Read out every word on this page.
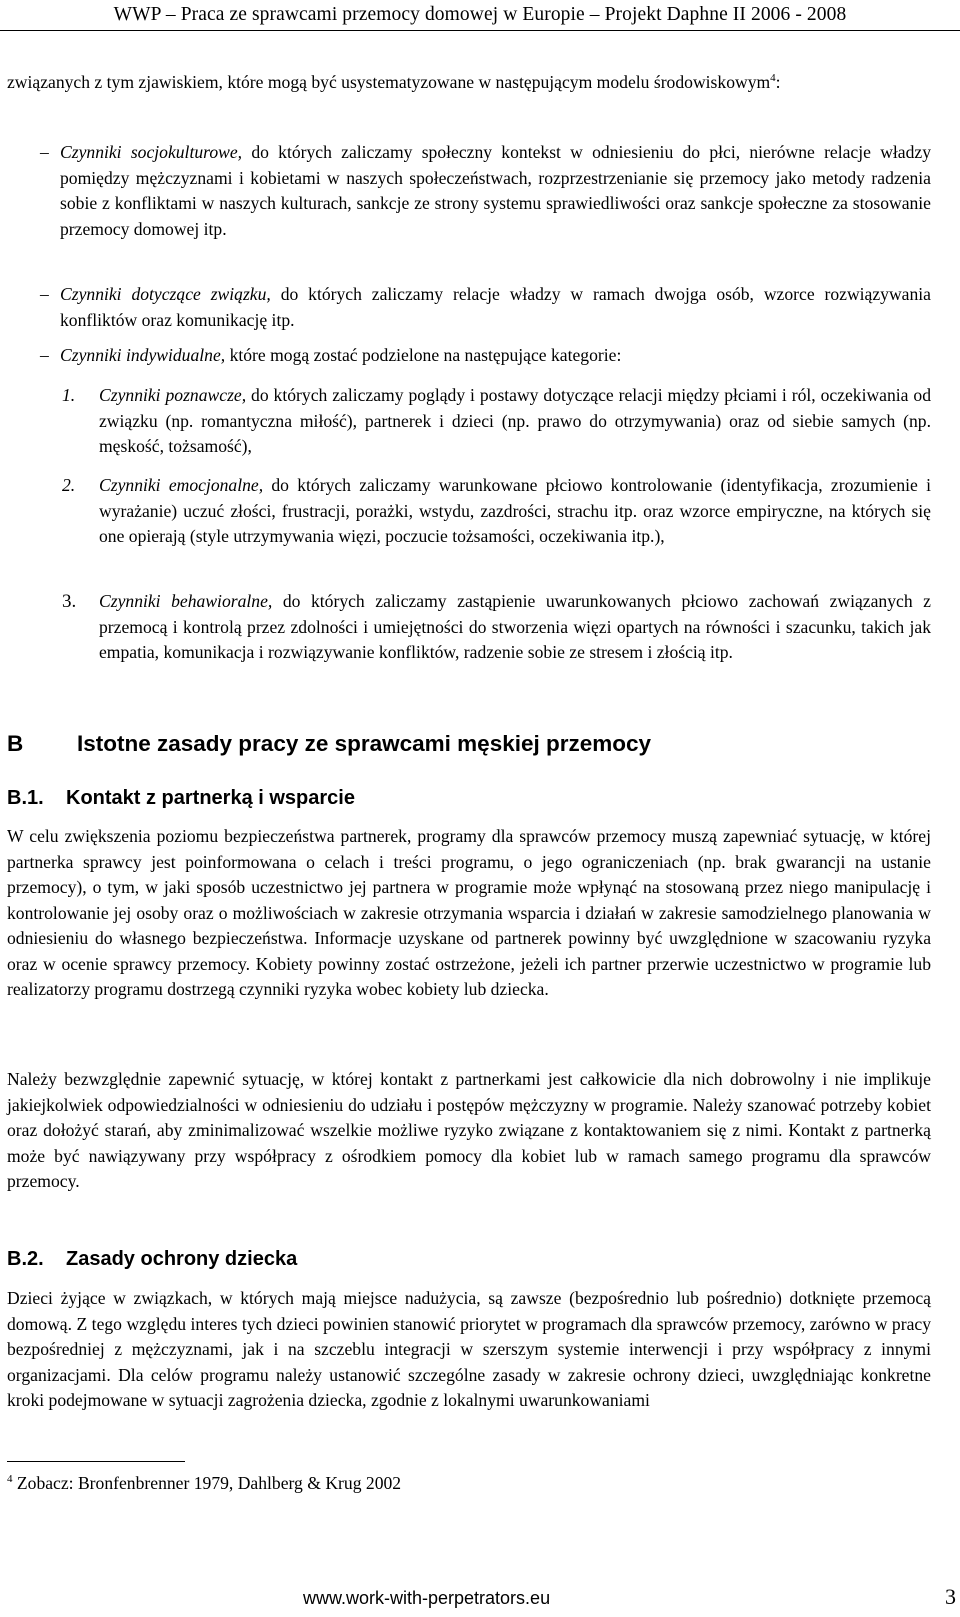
WWP – Praca ze sprawcami przemocy domowej w Europie – Projekt Daphne II 2006 - 2008

związanych z tym zjawiskiem, które mogą być usystematyzowane w następującym modelu środowiskowym$^4$:

– Czynniki socjokulturowe, do których zaliczamy społeczny kontekst w odniesieniu do płci, nierówne relacje władzy pomiędzy mężczyznami i kobietami w naszych społeczeństwach, rozprzestrzenianie się przemocy jako metody radzenia sobie z konfliktami w naszych kulturach, sankcje ze strony systemu sprawiedliwości oraz sankcje społeczne za stosowanie przemocy domowej itp.
– Czynniki dotyczące związku, do których zaliczamy relacje władzy w ramach dwojga osób, wzorce rozwiązywania konfliktów oraz komunikację itp.
– Czynniki indywidualne, które mogą zostać podzielone na następujące kategorie:
1. Czynniki poznawcze, do których zaliczamy poglądy i postawy dotyczące relacji między płciami i ról, oczekiwania od związku (np. romantyczna miłość), partnerek i dzieci (np. prawo do otrzymywania) oraz od siebie samych (np. męskość, tożsamość),
2. Czynniki emocjonalne, do których zaliczamy warunkowane płciowo kontrolowanie (identyfikacja, zrozumienie i wyrażanie) uczuć złości, frustracji, porażki, wstydu, zazdrości, strachu itp. oraz wzorce empiryczne, na których się one opierają (style utrzymywania więzi, poczucie tożsamości, oczekiwania itp.),
3. Czynniki behawioralne, do których zaliczamy zastąpienie uwarunkowanych płciowo zachowań związanych z przemocą i kontrolą przez zdolności i umiejętności do stworzenia więzi opartych na równości i szacunku, takich jak empatia, komunikacja i rozwiązywanie konfliktów, radzenie sobie ze stresem i złością itp.
B Istotne zasady pracy ze sprawcami męskiej przemocy
B.1. Kontakt z partnerką i wsparcie

W celu zwiększenia poziomu bezpieczeństwa partnerek, programy dla sprawców przemocy muszą zapewniać sytuację, w której partnerka sprawcy jest poinformowana o celach i treści programu, o jego ograniczeniach (np. brak gwarancji na ustanie przemocy), o tym, w jaki sposób uczestnictwo jej partnera w programie może wpłynąć na stosowaną przez niego manipulację i kontrolowanie jej osoby oraz o możliwościach w zakresie otrzymania wsparcia i działań w zakresie samodzielnego planowania w odniesieniu do własnego bezpieczeństwa. Informacje uzyskane od partnerek powinny być uwzględnione w szacowaniu ryzyka oraz w ocenie sprawcy przemocy. Kobiety powinny zostać ostrzeżone, jeżeli ich partner przerwie uczestnictwo w programie lub realizatorzy programu dostrzegą czynniki ryzyka wobec kobiety lub dziecka.

Należy bezwzględnie zapewnić sytuację, w której kontakt z partnerkami jest całkowicie dla nich dobrowolny i nie implikuje jakiejkolwiek odpowiedzialności w odniesieniu do udziału i postępów mężczyzny w programie. Należy szanować potrzeby kobiet oraz dołożyć starań, aby zminimalizować wszelkie możliwe ryzyko związane z kontaktowaniem się z nimi. Kontakt z partnerką może być nawiązywany przy współpracy z ośrodkiem pomocy dla kobiet lub w ramach samego programu dla sprawców przemocy.

B.2. Zasady ochrony dziecka

Dzieci żyjące w związkach, w których mają miejsce nadużycia, są zawsze (bezpośrednio lub pośrednio) dotknięte przemocą domową. Z tego względu interes tych dzieci powinien stanowić priorytet w programach dla sprawców przemocy, zarówno w pracy bezpośredniej z mężczyznami, jak i na szczeblu integracji w szerszym systemie interwencji i przy współpracy z innymi organizacjami. Dla celów programu należy ustanowić szczególne zasady w zakresie ochrony dzieci, uwzględniając konkretne kroki podejmowane w sytuacji zagrożenia dziecka, zgodnie z lokalnymi uwarunkowaniami

$^4$ Zobacz: Bronfenbrenner 1979, Dahlberg & Krug 2002
www.work-with-perpetrators.eu	3
